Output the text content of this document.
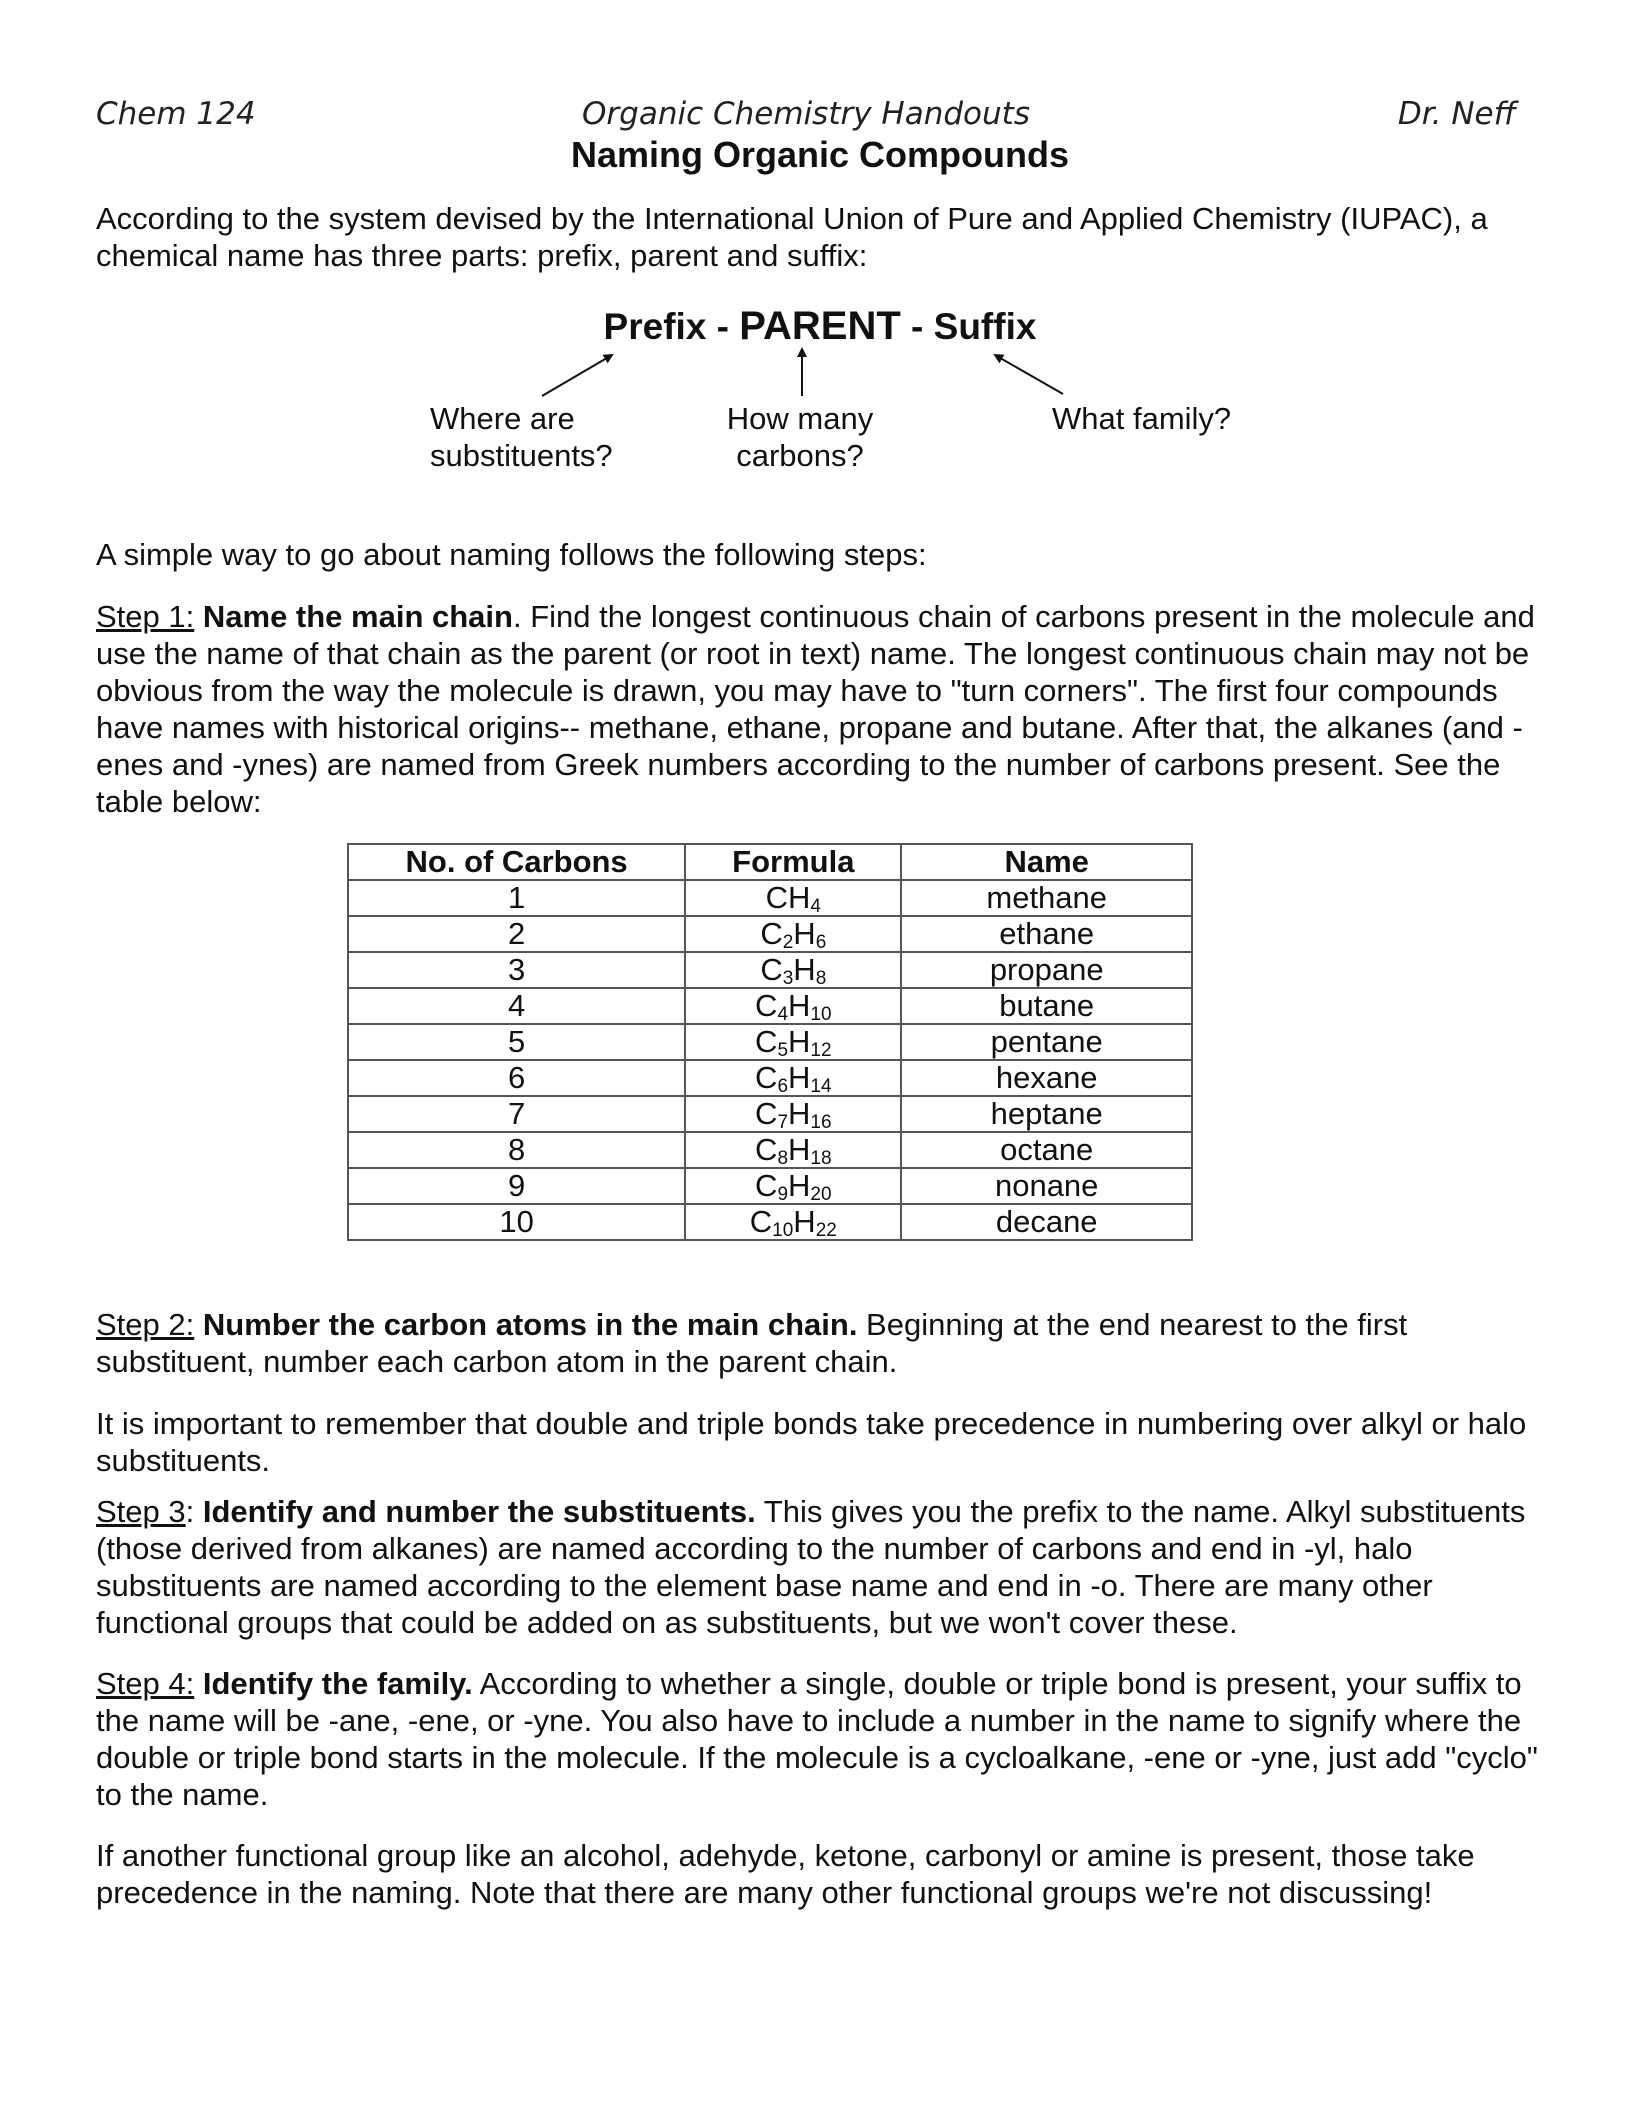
Chem 124	Organic Chemistry Handouts	Dr. Neff
Naming Organic Compounds

According to the system devised by the International Union of Pure and Applied Chemistry (IUPAC), a chemical name has three parts: prefix, parent and suffix:

Prefix - PARENT - Suffix
Where are
substituents?
How many
carbons?
What family?

A simple way to go about naming follows the following steps:

Step 1: Name the main chain. Find the longest continuous chain of carbons present in the molecule and use the name of that chain as the parent (or root in text) name. The longest continuous chain may not be obvious from the way the molecule is drawn, you may have to "turn corners". The first four compounds have names with historical origins-- methane, ethane, propane and butane. After that, the alkanes (and -enes and -ynes) are named from Greek numbers according to the number of carbons present. See the table below:

No. of Carbons	Formula	Name
1	$CH_4$	methane
2	$C_2H_6$	ethane
3	$C_3H_8$	propane
4	$C_4H_{10}$	butane
5	$C_5H_{12}$	pentane
6	$C_6H_{14}$	hexane
7	$C_7H_{16}$	heptane
8	$C_8H_{18}$	octane
9	$C_9H_{20}$	nonane
10	$C_{10}H_{22}$	decane

Step 2: Number the carbon atoms in the main chain. Beginning at the end nearest to the first substituent, number each carbon atom in the parent chain.

It is important to remember that double and triple bonds take precedence in numbering over alkyl or halo substituents.

Step 3: Identify and number the substituents. This gives you the prefix to the name. Alkyl substituents (those derived from alkanes) are named according to the number of carbons and end in -yl, halo substituents are named according to the element base name and end in -o. There are many other functional groups that could be added on as substituents, but we won't cover these.

Step 4: Identify the family. According to whether a single, double or triple bond is present, your suffix to the name will be -ane, -ene, or -yne. You also have to include a number in the name to signify where the double or triple bond starts in the molecule. If the molecule is a cycloalkane, -ene or -yne, just add "cyclo" to the name.

If another functional group like an alcohol, adehyde, ketone, carbonyl or amine is present, those take precedence in the naming. Note that there are many other functional groups we're not discussing!
